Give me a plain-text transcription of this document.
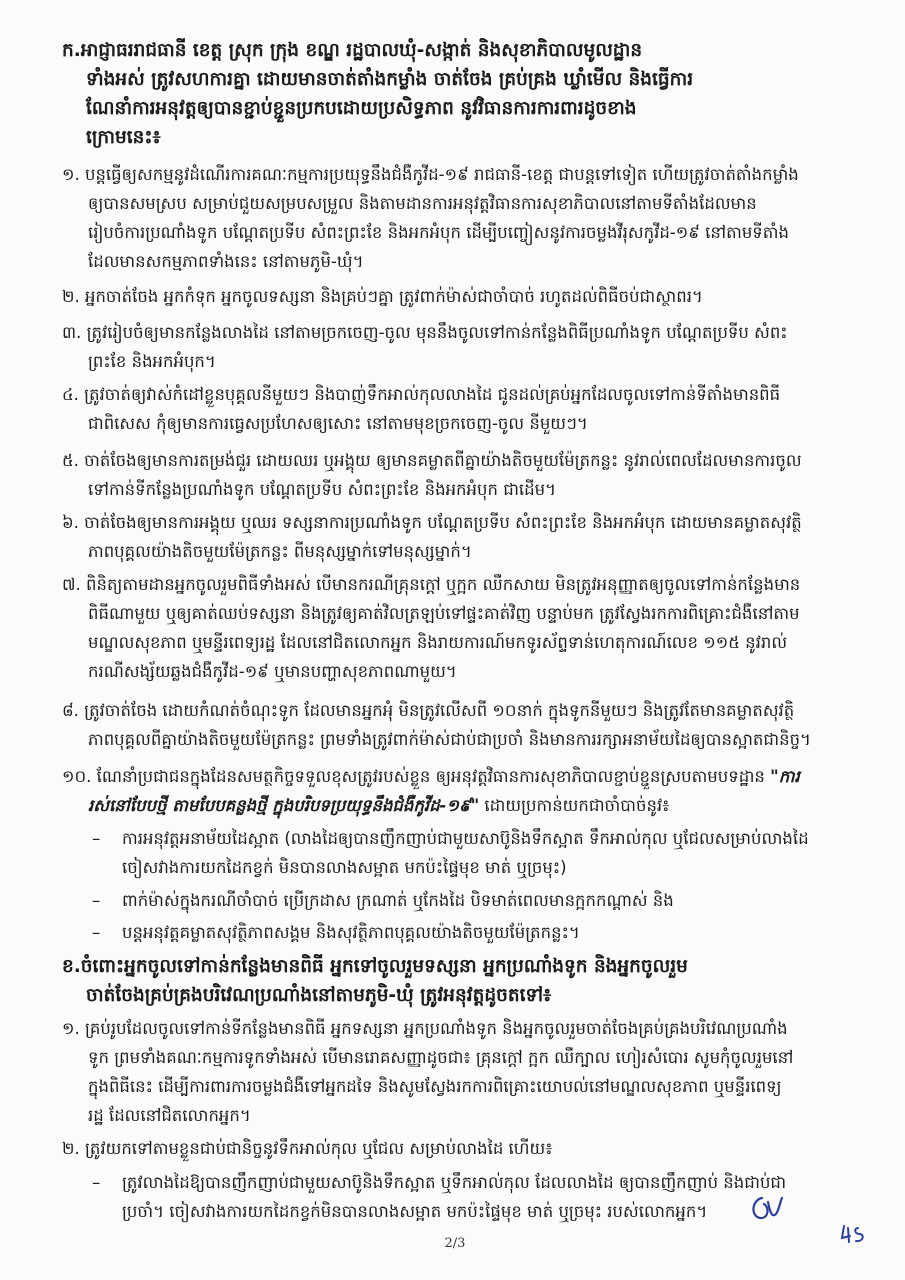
ក.អាជ្ញាធររាជធានី ខេត្ត ស្រុក ក្រុង ខណ្ឌ រដ្ឋបាលឃុំ-សង្កាត់ និងសុខាភិបាលមូលដ្ឋាន
ទាំងអស់ ត្រូវសហការគ្នា ដោយមានចាត់តាំងកម្លាំង ចាត់ចែង គ្រប់គ្រង ឃ្លាំមើល និងធ្វើការ
ណែនាំការអនុវត្តឲ្យបានខ្ជាប់ខ្ជួនប្រកបដោយប្រសិទ្ធភាព នូវវិធានការការពារដូចខាង
ក្រោមនេះ៖
១. បន្តធ្វើឲ្យសកម្មនូវដំណើរការគណៈកម្មការប្រយុទ្ធនឹងជំងឺកូវីដ-១៩ រាជធានី-ខេត្ត ជាបន្តទៅទៀត ហើយត្រូវចាត់តាំងកម្លាំង
ឲ្យបានសមស្រប សម្រាប់ជួយសម្របសម្រួល និងតាមដានការអនុវត្តវិធានការសុខាភិបាលនៅតាមទីតាំងដែលមាន
រៀបចំការប្រណាំងទូក បណ្តែតប្រទីប សំពះព្រះខែ និងអកអំបុក ដើម្បីបញ្ចៀសនូវការចម្លងវីរុសកូវីដ-១៩ នៅតាមទីតាំង
ដែលមានសកម្មភាពទាំងនេះ នៅតាមភូមិ-ឃុំ។
២. អ្នកចាត់ចែង អ្នកកំទុក អ្នកចូលទស្សនា និងគ្រប់ៗគ្នា ត្រូវពាក់ម៉ាស់ជាចាំបាច់ រហូតដល់ពិធីចប់ជាស្ថាពរ។
៣. ត្រូវរៀបចំឲ្យមានកន្លែងលាងដៃ នៅតាមច្រកចេញ-ចូល មុននឹងចូលទៅកាន់កន្លែងពិធីប្រណាំងទូក បណ្តែតប្រទីប សំពះ
ព្រះខែ និងអកអំបុក។
៤. ត្រូវចាត់ឲ្យវាស់កំដៅខ្លួនបុគ្គលនីមួយៗ និងបាញ់ទឹកអាល់កុលលាងដៃ ជូនដល់គ្រប់អ្នកដែលចូលទៅកាន់ទីតាំងមានពិធី
ជាពិសេស កុំឲ្យមានការធ្វេសប្រហែសឲ្យសោះ នៅតាមមុខច្រកចេញ-ចូល នីមួយៗ។
៥. ចាត់ចែងឲ្យមានការតម្រង់ជួរ ដោយឈរ ឬអង្គុយ ឲ្យមានគម្លាតពីគ្នាយ៉ាងតិចមួយម៉ែត្រកន្លះ នូវរាល់ពេលដែលមានការចូល
ទៅកាន់ទីកន្លែងប្រណាំងទូក បណ្តែតប្រទីប សំពះព្រះខែ និងអកអំបុក ជាដើម។
៦. ចាត់ចែងឲ្យមានការអង្គុយ ឬឈរ ទស្សនាការប្រណាំងទូក បណ្តែតប្រទីប សំពះព្រះខែ និងអកអំបុក ដោយមានគម្លាតសុវត្ថិ
ភាពបុគ្គលយ៉ាងតិចមួយម៉ែត្រកន្លះ ពីមនុស្សម្នាក់ទៅមនុស្សម្នាក់។
៧. ពិនិត្យតាមដានអ្នកចូលរួមពិធីទាំងអស់ បើមានករណីគ្រុនក្តៅ ឬក្អក ឈឺកសាយ មិនត្រូវអនុញ្ញាតឲ្យចូលទៅកាន់កន្លែងមាន
ពិធីណាមួយ ឬឲ្យគាត់ឈប់ទស្សនា និងត្រូវឲ្យគាត់វិលត្រឡប់ទៅផ្ទះគាត់វិញ បន្ទាប់មក ត្រូវស្វែងរកការពិគ្រោះជំងឺនៅតាម
មណ្ឌលសុខភាព ឬមន្ទីរពេទ្យរដ្ឋ ដែលនៅជិតលោកអ្នក និងរាយការណ៍មកទូរស័ព្ទទាន់ហេតុការណ៍លេខ ១១៥ នូវរាល់
ករណីសង្ស័យឆ្លងជំងឺកូវីដ-១៩ ឬមានបញ្ហាសុខភាពណាមួយ។
៨. ត្រូវចាត់ចែង ដោយកំណត់ចំណុះទូក ដែលមានអ្នកអុំ មិនត្រូវលើសពី ១០នាក់ ក្នុងទូកនីមួយៗ និងត្រូវតែមានគម្លាតសុវត្ថិ
ភាពបុគ្គលពីគ្នាយ៉ាងតិចមួយម៉ែត្រកន្លះ ព្រមទាំងត្រូវពាក់ម៉ាស់ជាប់ជាប្រចាំ និងមានការរក្សាអនាម័យដៃឲ្យបានស្អាតជានិច្ច។
១០. ណែនាំប្រជាជនក្នុងដែនសមត្ថកិច្ចទទួលខុសត្រូវរបស់ខ្លួន ឲ្យអនុវត្តវិធានការសុខាភិបាលខ្ជាប់ខ្ជួនស្របតាមបទដ្ឋាន "ការ
រស់នៅបែបថ្មី តាមបែបគន្លងថ្មី ក្នុងបរិបទប្រយុទ្ធនឹងជំងឺកូវីដ-១៩" ដោយប្រកាន់យកជាចាំបាច់នូវ៖
– ការអនុវត្តអនាម័យដៃស្អាត (លាងដៃឲ្យបានញឹកញាប់ជាមួយសាប៊ូនិងទឹកស្អាត ទឹកអាល់កុល ឬជែលសម្រាប់លាងដៃ
ចៀសវាងការយកដៃកខ្វក់ មិនបានលាងសម្អាត មកប៉ះផ្ទៃមុខ មាត់ ឬច្រមុះ)
– ពាក់ម៉ាស់ក្នុងករណីចាំបាច់ ប្រើក្រដាស ក្រណាត់ ឬកែងដៃ បិទមាត់ពេលមានក្អកកណ្តាស់ និង
– បន្តអនុវត្តគម្លាតសុវត្ថិភាពសង្គម និងសុវត្ថិភាពបុគ្គលយ៉ាងតិចមួយម៉ែត្រកន្លះ។
ខ.ចំពោះអ្នកចូលទៅកាន់កន្លែងមានពិធី អ្នកទៅចូលរួមទស្សនា អ្នកប្រណាំងទូក និងអ្នកចូលរួម
ចាត់ចែងគ្រប់គ្រងបរិវេណប្រណាំងនៅតាមភូមិ-ឃុំ ត្រូវអនុវត្តដូចតទៅ៖
១. គ្រប់រូបដែលចូលទៅកាន់ទីកន្លែងមានពិធី អ្នកទស្សនា អ្នកប្រណាំងទូក និងអ្នកចូលរួមចាត់ចែងគ្រប់គ្រងបរិវេណប្រណាំង
ទូក ព្រមទាំងគណៈកម្មការទូកទាំងអស់ បើមានរោគសញ្ញាដូចជា៖ គ្រុនក្តៅ ក្អក ឈឺក្បាល ហៀរសំបោរ សូមកុំចូលរួមនៅ
ក្នុងពិធីនេះ ដើម្បីការពារការចម្លងជំងឺទៅអ្នកដទៃ និងសូមស្វែងរកការពិគ្រោះយោបល់នៅមណ្ឌលសុខភាព ឬមន្ទីរពេទ្យ
រដ្ឋ ដែលនៅជិតលោកអ្នក។
២. ត្រូវយកទៅតាមខ្លួនជាប់ជានិច្ចនូវទឹកអាល់កុល ឬជែល សម្រាប់លាងដៃ ហើយ៖
– ត្រូវលាងដៃឱ្យបានញឹកញាប់ជាមួយសាប៊ូនិងទឹកស្អាត ឬទឹកអាល់កុល ដែលលាងដៃ ឲ្យបានញឹកញាប់ និងជាប់ជា
ប្រចាំ។ ចៀសវាងការយកដៃកខ្វក់មិនបានលាងសម្អាត មកប៉ះផ្ទៃមុខ មាត់ ឬច្រមុះ របស់លោកអ្នក។
2/3
